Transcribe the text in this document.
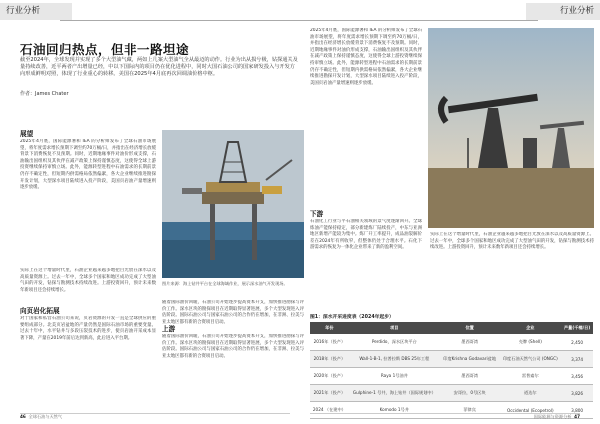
行业分析	行业分析
石油回归热点，但非一路坦途
截至2024年，全球发现并实现了多个大型油气藏，两如上几案大型油气全从最迈的动作。行业为出从损兮极，钻探通关及量持续改善，近平两者产出增量已经，中以下国际内的项目仍在优化进程中，同时大国石油公司的国家研发投入与开发方向形成鲜明对照，体现了行业重心的转移。美国在2025年4月底再次回调油价格中枢。
作者：James Chater
展望
2025年4月底，国际能源署和 IEA 的分析师发布了全球石油市场展望，将年度需求增长预期下调至约70万桶/日，并指出在经济增长放缓背景下消费恢复不及预期。同时，近期地缘事件对油价形成支撑，石油输出国组织及其伙伴在减产政策上保持谨慎态度，这使得全球上游投资继续保持审慎立场。此外，能源转型进程中石油需求的长期前景仍存不确定性，但短期内供需格局依然偏紧，各大企业继续推进勘探开发计划，大型深水项目陆续进入投产阶段，美国页岩油产量增速则逐步放缓。
实际上在这个增量时代里，石油企业越来越多地把目光放在深水以及高质量资源上。过去一年中，全球多个国家和地区成功完成了大型油气田的开发，钻探与勘测技术持续改进。上游投资回升，预计未来数年新项目还会持续增长。
向页岩化拓展
对于国家和私营石油公司来说，页岩资源的开发一直是全球供应的重要组成部分。北美页岩盆地的产量仍然是国际石油市场的重要变量。过去十年中，水平钻井与多段压裂技术的进步，使页岩油开采成本显著下降，产量在2019年前后达到新高，此后进入平台期。
图片来源：海上钻井平台在全球海域作业，展示深水油气开发现场。
随着国际油价回暖，石油公司开始逐步提高资本开支，加快推进勘探与评价工作。深水区块的勘探项目在近期取得显著进展，多个大型发现进入评估阶段。国际石油公司与国家石油公司的合作仍在增加，在非洲、拉美与亚太地区都有新的合资项目启动。
上游
随着国际油价回暖，石油公司开始逐步提高资本开支，加快推进勘探与评价工作。深水区块的勘探项目在近期取得显著进展，多个大型发现进入评估阶段。国际石油公司与国家石油公司的合作仍在增加，在非洲、拉美与亚太地区都有新的合资项目启动。
2025年4月底，国际能源署和 IEA 的分析师发布了全球石油市场展望，将年度需求增长预期下调至约70万桶/日，并指出在经济增长放缓背景下消费恢复不及预期。同时，近期地缘事件对油价形成支撑，石油输出国组织及其伙伴在减产政策上保持谨慎态度，这使得全球上游投资继续保持审慎立场。此外，能源转型进程中石油需求的长期前景仍存不确定性，但短期内供需格局依然偏紧，各大企业继续推进勘探开发计划，大型深水项目陆续进入投产阶段，美国页岩油产量增速则逐步放缓。
实际上在这个增量时代里，石油企业越来越多地把目光放在深水以及高质量资源上。过去一年中，全球多个国家和地区成功完成了大型油气田的开发，钻探与勘测技术持续改进。上游投资回升，预计未来数年新项目还会持续增长。
下游
石油化工行业与平石油相关领域的景气度逐渐回升。全球炼油产能保持稳定，部分新建炼厂陆续投产，中东与亚洲地区新增产能较为集中。炼厂开工率提升，成品油裂解价差在2024年有所收窄，但整体仍处于合理水平。石化下游需求的恢复为一体化企业带来了新的盈利空间。
图1：深水开采进度表（2024年起步）
年份	项目	位置	企业	产量(千桶/日)
2016年（投产）	Perdido，深水区块平台	墨西哥湾	壳牌 (Shell)	2,450
2018年（投产）	Wall-1-B-1, 拉普拉斯 DBS 25年工程	印度Krishna Godavari盆地	印度石油天然气公司 (ONGC)	3,374
2020年（投产）	Raya 1号油井	墨西哥湾	雷普索尔	3,456
2021年（投产）	Gulphine-1 号井，海上钻井（国际规划中）	安哥拉，0号区块	道达尔	3,826
2024 （在建中）	Komodo 1号井	菲律宾	Occidental (Ecopetrol)	3,800
46 全球石油与天然气	国际能源与资源分析 47
